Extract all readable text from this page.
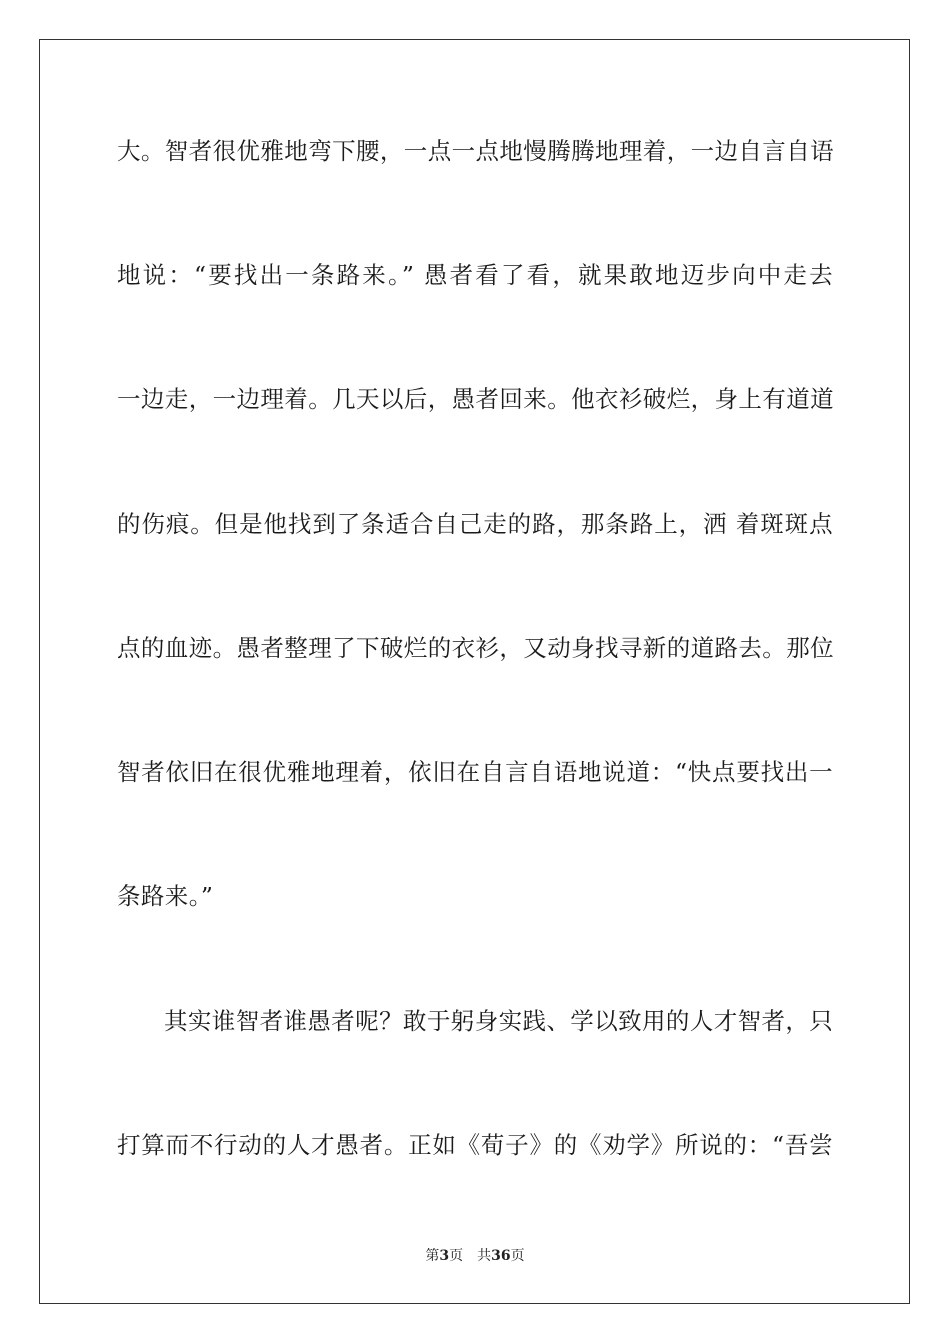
大。智者很优雅地弯下腰，一点一点地慢腾腾地理着，一边自言自语
地说：“要找出一条路来。” 愚者看了看，就果敢地迈步向中走去
一边走，一边理着。几天以后，愚者回来。他衣衫破烂，身上有道道
的伤痕。但是他找到了条适合自己走的路，那条路上，洒 着斑斑点
点的血迹。愚者整理了下破烂的衣衫，又动身找寻新的道路去。那位
智者依旧在很优雅地理着，依旧在自言自语地说道：“快点要找出一
条路来。”
其实谁智者谁愚者呢？敢于躬身实践、学以致用的人才智者，只
打算而不行动的人才愚者。正如《荀子》的《劝学》所说的：“吾尝
第3页 共36页
